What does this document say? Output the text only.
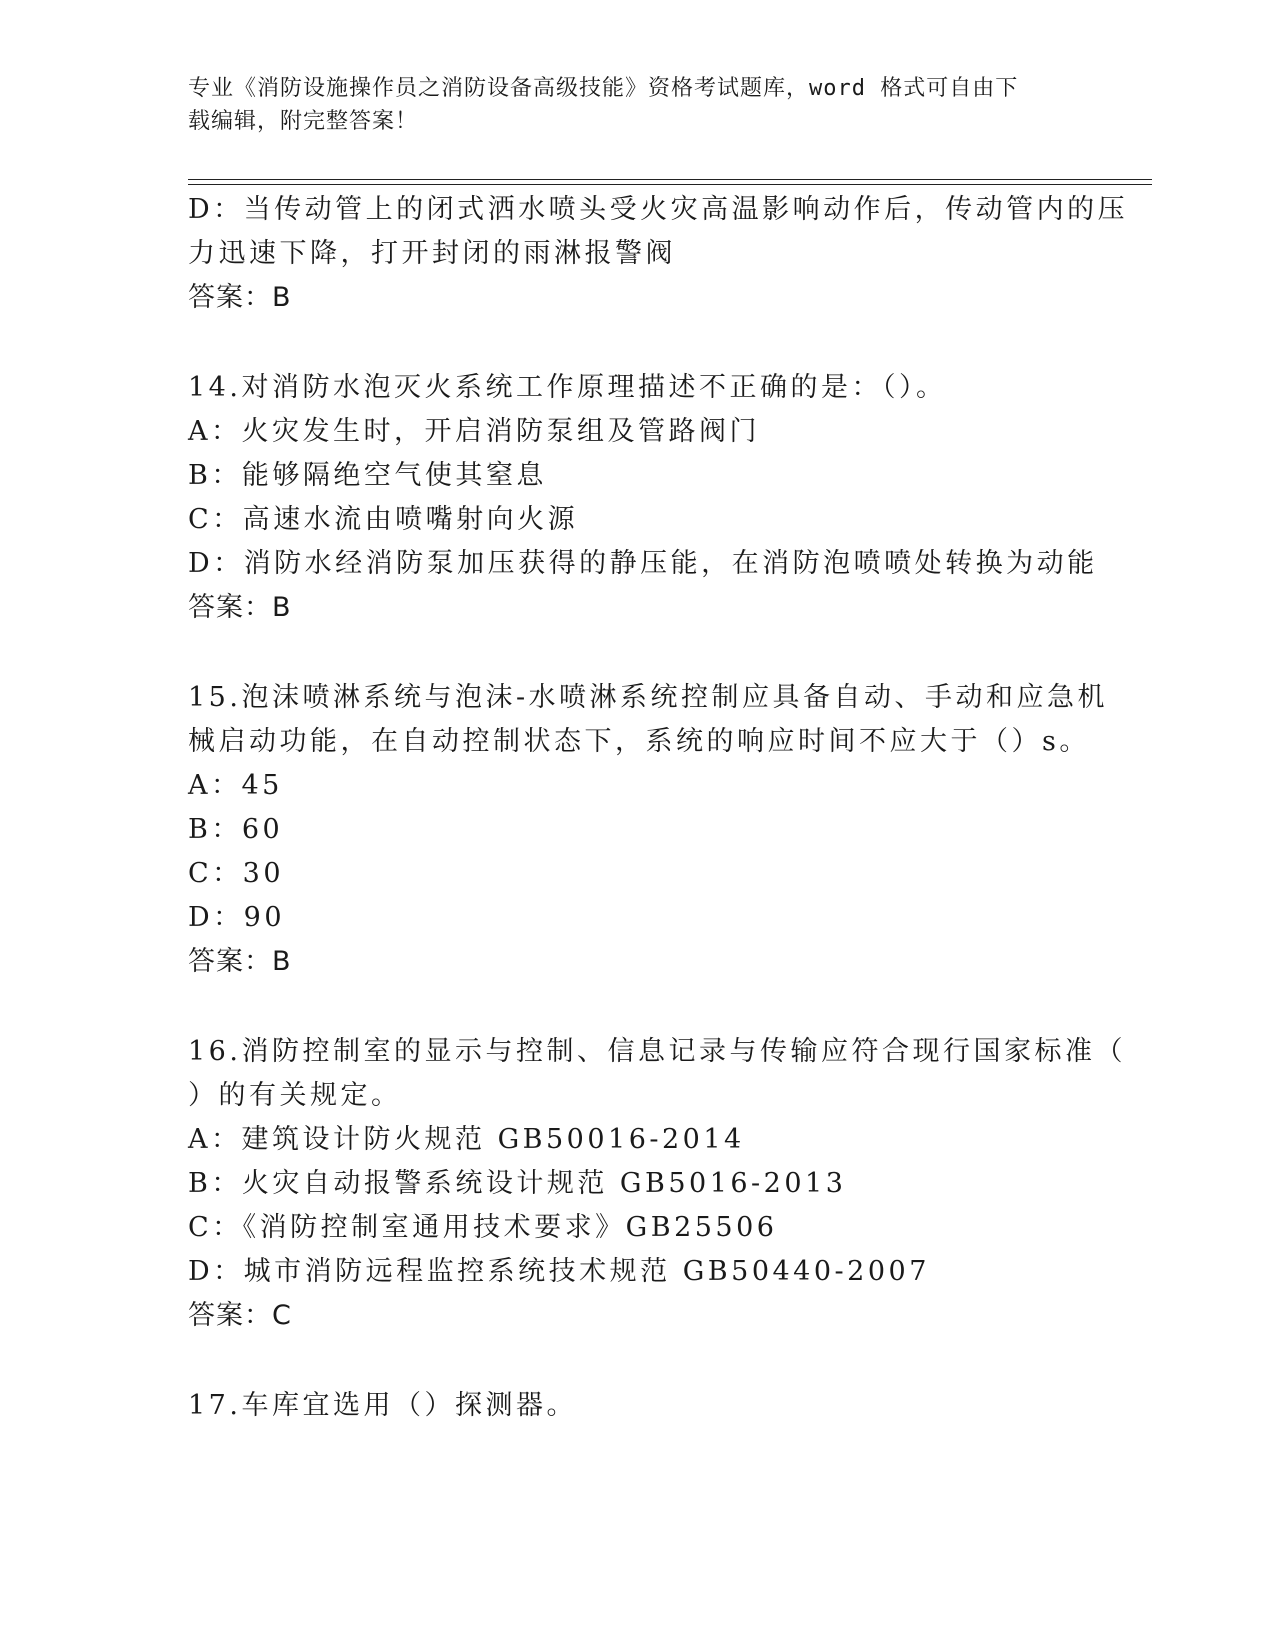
专业《消防设施操作员之消防设备高级技能》资格考试题库，word 格式可自由下
载编辑，附完整答案！
D：当传动管上的闭式洒水喷头受火灾高温影响动作后，传动管内的压
力迅速下降，打开封闭的雨淋报警阀
答案：B
14.对消防水泡灭火系统工作原理描述不正确的是：（）。
A：火灾发生时，开启消防泵组及管路阀门
B：能够隔绝空气使其窒息
C：高速水流由喷嘴射向火源
D：消防水经消防泵加压获得的静压能，在消防泡喷喷处转换为动能
答案：B
15.泡沫喷淋系统与泡沫-水喷淋系统控制应具备自动、手动和应急机
械启动功能，在自动控制状态下，系统的响应时间不应大于（）s。
A：45
B：60
C：30
D：90
答案：B
16.消防控制室的显示与控制、信息记录与传输应符合现行国家标准（
）的有关规定。
A：建筑设计防火规范 GB50016-2014
B：火灾自动报警系统设计规范 GB5016-2013
C：《消防控制室通用技术要求》GB25506
D：城市消防远程监控系统技术规范 GB50440-2007
答案：C
17.车库宜选用（）探测器。
